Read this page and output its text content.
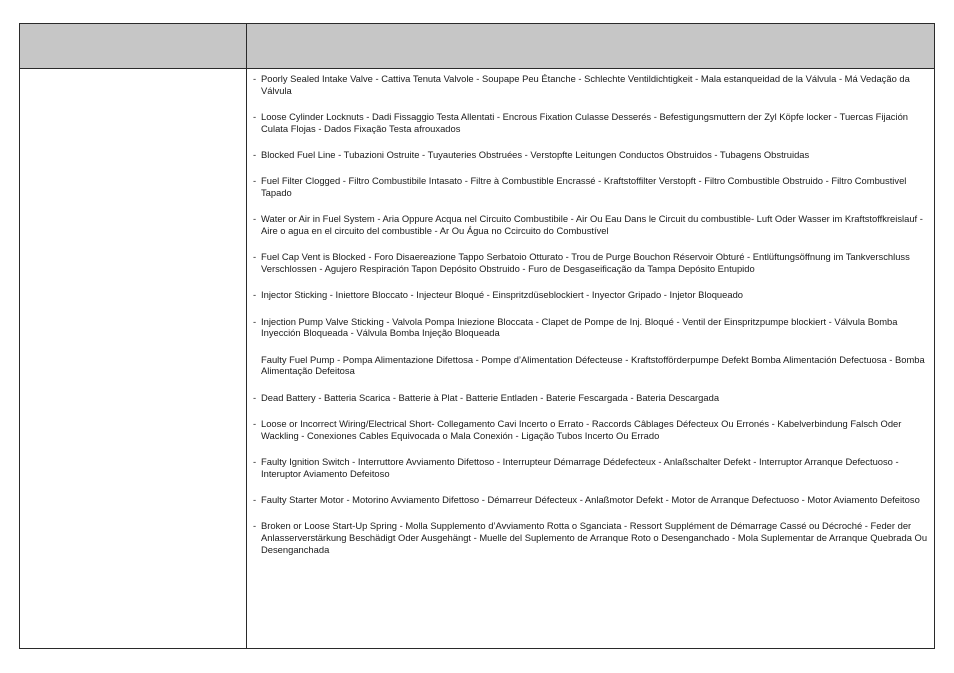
- Poorly Sealed Intake Valve - Cattiva Tenuta Valvole - Soupape Peu Étanche - Schlechte Ventildichtigkeit - Mala estanqueidad de la Válvula - Má Vedação da Válvula
- Loose Cylinder Locknuts - Dadi Fissaggio Testa Allentati - Encrous Fixation Culasse Desserés - Befestigungsmuttern der Zyl Köpfe locker - Tuercas Fijación Culata Flojas - Dados Fixação Testa afrouxados
- Blocked Fuel Line - Tubazioni Ostruite - Tuyauteries Obstruées - Verstopfte Leitungen Conductos Obstruidos - Tubagens Obstruidas
- Fuel Filter Clogged - Filtro Combustibile Intasato - Filtre à Combustible Encrassé - Kraftstoffilter Verstopft - Filtro Combustible Obstruido - Filtro Combustivel Tapado
- Water or Air in Fuel System - Aria Oppure Acqua nel Circuito Combustibile - Air Ou Eau Dans le Circuit du combustible- Luft Oder Wasser im Kraftstoffkreislauf - Aire o agua en el circuito del combustible - Ar Ou Água no Ccircuito do Combustível
- Fuel Cap Vent is Blocked - Foro Disaereazione Tappo Serbatoio Otturato - Trou de Purge Bouchon Réservoir Obturé - Entlüftungsöffnung im Tankverschluss Verschlossen - Agujero Respiración Tapon Depósito Obstruido - Furo de Desgaseificação da Tampa Depósito Entupido
- Injector Sticking - Iniettore Bloccato - Injecteur Bloqué - Einspritzdüseblockiert - Inyector Gripado - Injetor Bloqueado
- Injection Pump Valve Sticking - Valvola Pompa Iniezione Bloccata - Clapet de Pompe de Inj. Bloqué - Ventil der Einspritzpumpe blockiert - Válvula Bomba Inyección Bloqueada - Válvula Bomba Injeção Bloqueada
Faulty Fuel Pump - Pompa Alimentazione Difettosa - Pompe d’Alimentation Défecteuse - Kraftstofförderpumpe Defekt Bomba Alimentación Defectuosa - Bomba Alimentação Defeitosa
- Dead Battery - Batteria Scarica - Batterie à Plat - Batterie Entladen - Baterie Fescargada - Bateria Descargada
- Loose or Incorrect Wiring/Electrical Short- Collegamento Cavi Incerto o Errato - Raccords Câblages Défecteux Ou Erronés - Kabelverbindung Falsch Oder Wackling - Conexiones Cables Equivocada o Mala Conexión - Ligação Tubos Incerto Ou Errado
- Faulty Ignition Switch - Interruttore Avviamento Difettoso - Interrupteur Démarrage Dédefecteux - Anlaßschalter Defekt - Interruptor Arranque Defectuoso - Interuptor Aviamento Defeitoso
- Faulty Starter Motor - Motorino Avviamento Difettoso - Démarreur Défecteux - Anlaßmotor Defekt - Motor de Arranque Defectuoso - Motor Aviamento Defeitoso
- Broken or Loose Start-Up Spring - Molla Supplemento d’Avviamento Rotta o Sganciata - Ressort Supplément de Démarrage Cassé ou Décroché - Feder der Anlasserverstärkung Beschädigt Oder Ausgehängt - Muelle del Suplemento de Arranque Roto o Desenganchado - Mola Suplementar de Arranque Quebrada Ou Desenganchada
